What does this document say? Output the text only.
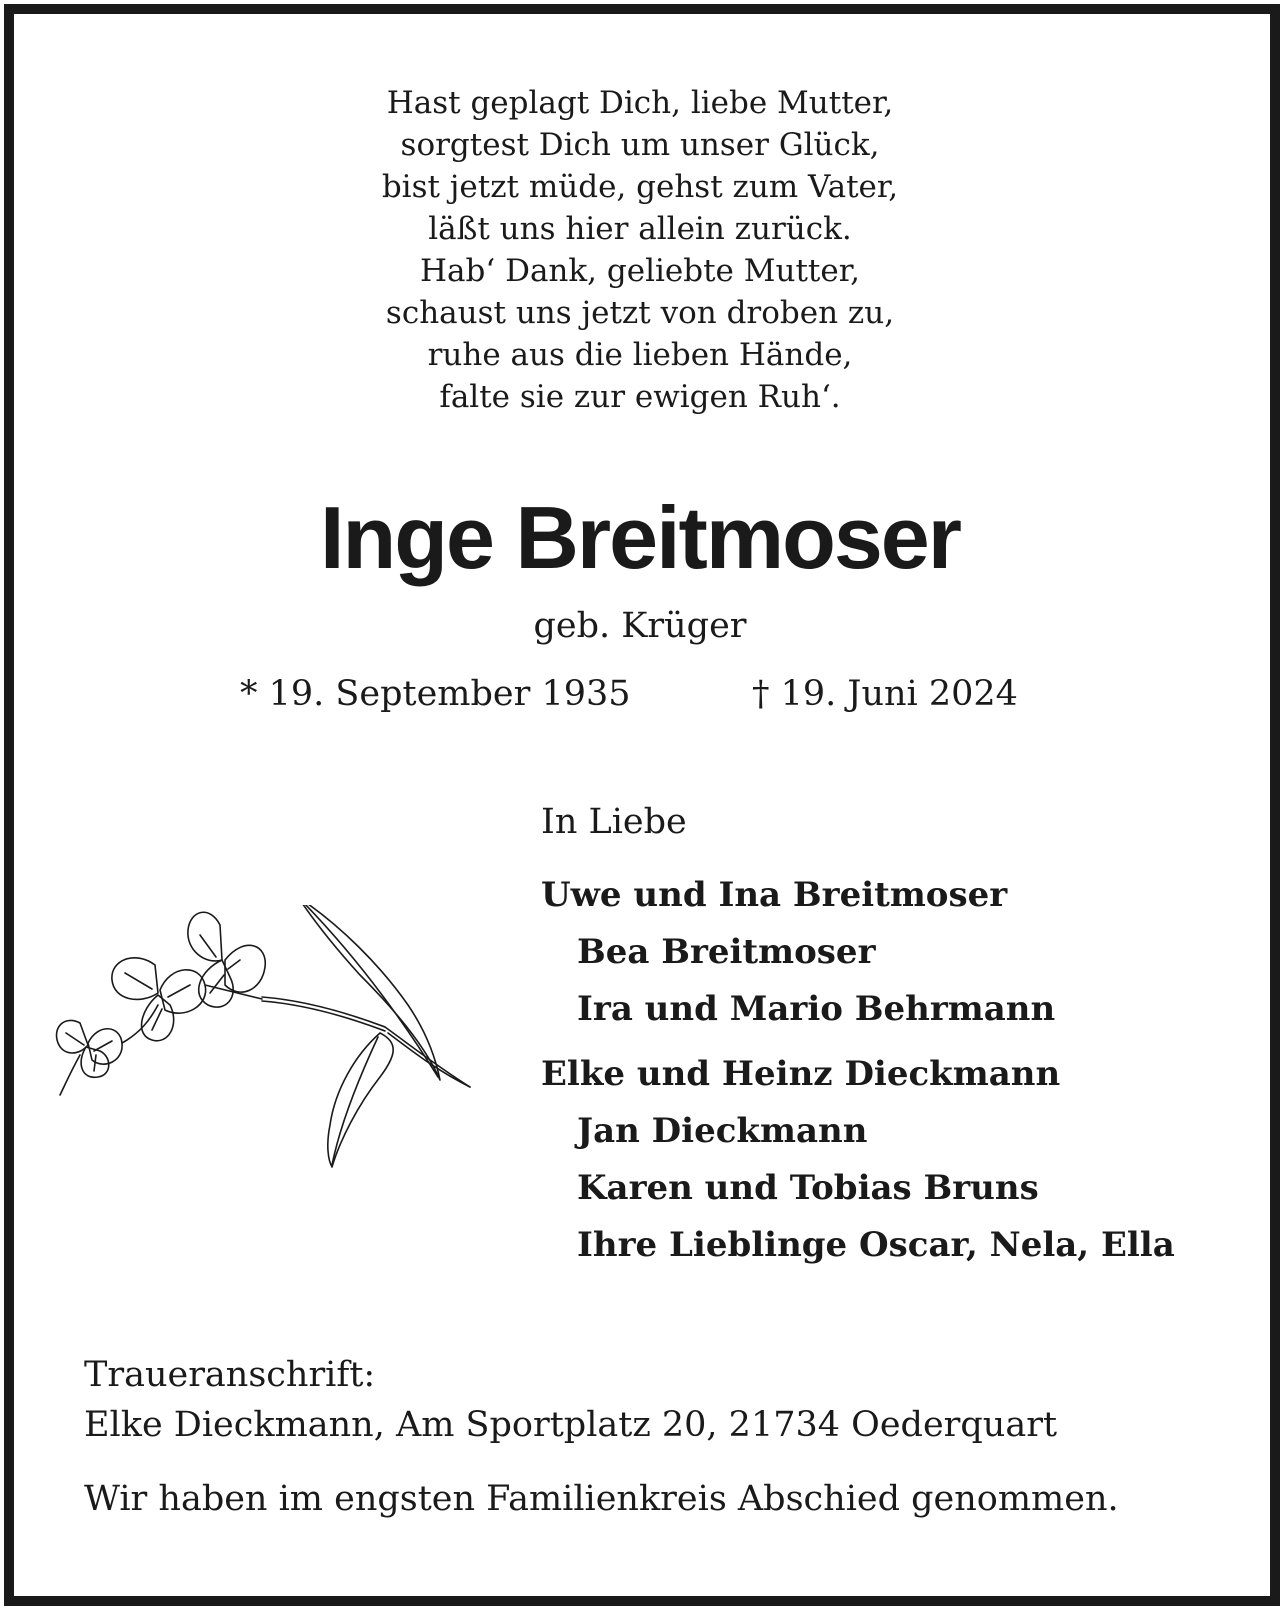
Hast geplagt Dich, liebe Mutter,
sorgtest Dich um unser Glück,
bist jetzt müde, gehst zum Vater,
läßt uns hier allein zurück.
Hab‘ Dank, geliebte Mutter,
schaust uns jetzt von droben zu,
ruhe aus die lieben Hände,
falte sie zur ewigen Ruh‘.
Inge Breitmoser
geb. Krüger
* 19. September 1935	† 19. Juni 2024
In Liebe
Uwe und Ina Breitmoser
Bea Breitmoser
Ira und Mario Behrmann
Elke und Heinz Dieckmann
Jan Dieckmann
Karen und Tobias Bruns
Ihre Lieblinge Oscar, Nela, Ella
Traueranschrift:
Elke Dieckmann, Am Sportplatz 20, 21734 Oederquart
Wir haben im engsten Familienkreis Abschied genommen.
